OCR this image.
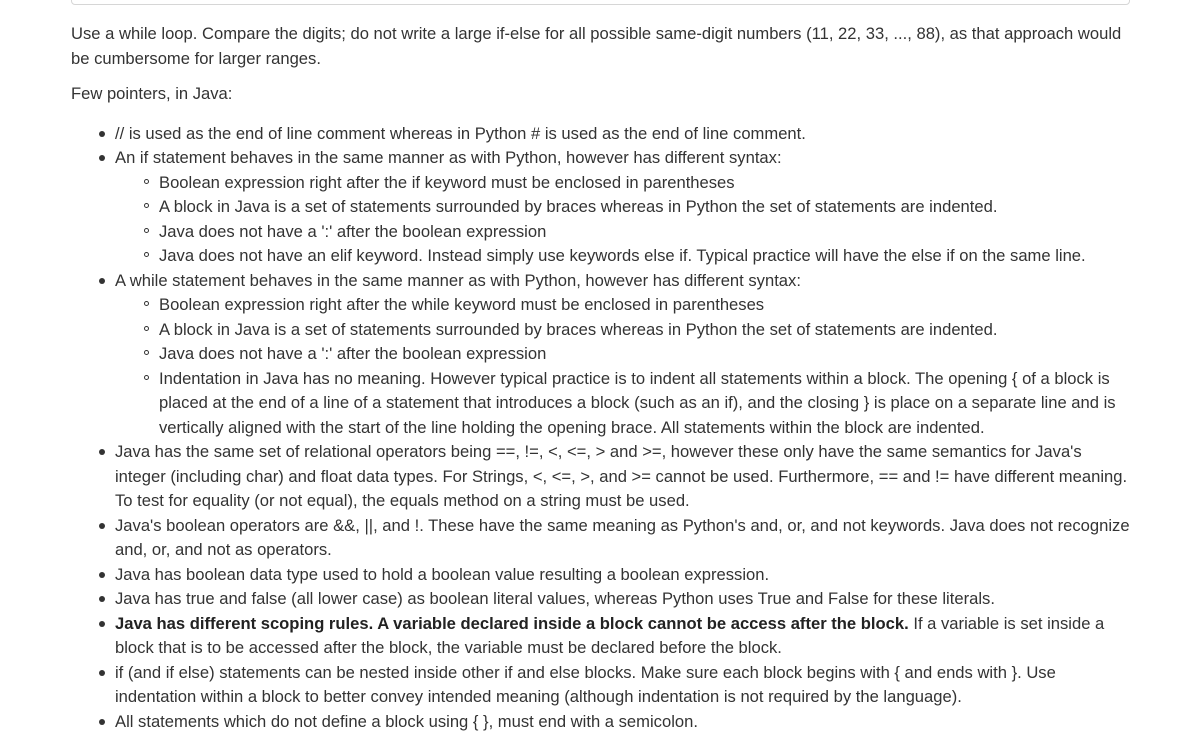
Use a while loop. Compare the digits; do not write a large if-else for all possible same-digit numbers (11, 22, 33, ..., 88), as that approach would be cumbersome for larger ranges.

Few pointers, in Java:

// is used as the end of line comment whereas in Python # is used as the end of line comment.
An if statement behaves in the same manner as with Python, however has different syntax:
Boolean expression right after the if keyword must be enclosed in parentheses
A block in Java is a set of statements surrounded by braces whereas in Python the set of statements are indented.
Java does not have a ':' after the boolean expression
Java does not have an elif keyword. Instead simply use keywords else if. Typical practice will have the else if on the same line.
A while statement behaves in the same manner as with Python, however has different syntax:
Boolean expression right after the while keyword must be enclosed in parentheses
A block in Java is a set of statements surrounded by braces whereas in Python the set of statements are indented.
Java does not have a ':' after the boolean expression
Indentation in Java has no meaning. However typical practice is to indent all statements within a block. The opening { of a block is placed at the end of a line of a statement that introduces a block (such as an if), and the closing } is place on a separate line and is vertically aligned with the start of the line holding the opening brace. All statements within the block are indented.
Java has the same set of relational operators being ==, !=, <, <=, > and >=, however these only have the same semantics for Java's integer (including char) and float data types. For Strings, <, <=, >, and >= cannot be used. Furthermore, == and != have different meaning. To test for equality (or not equal), the equals method on a string must be used.
Java's boolean operators are &&, ||, and !. These have the same meaning as Python's and, or, and not keywords. Java does not recognize and, or, and not as operators.
Java has boolean data type used to hold a boolean value resulting a boolean expression.
Java has true and false (all lower case) as boolean literal values, whereas Python uses True and False for these literals.
Java has different scoping rules. A variable declared inside a block cannot be access after the block. If a variable is set inside a block that is to be accessed after the block, the variable must be declared before the block.
if (and if else) statements can be nested inside other if and else blocks. Make sure each block begins with { and ends with }. Use indentation within a block to better convey intended meaning (although indentation is not required by the language).
All statements which do not define a block using { }, must end with a semicolon.
